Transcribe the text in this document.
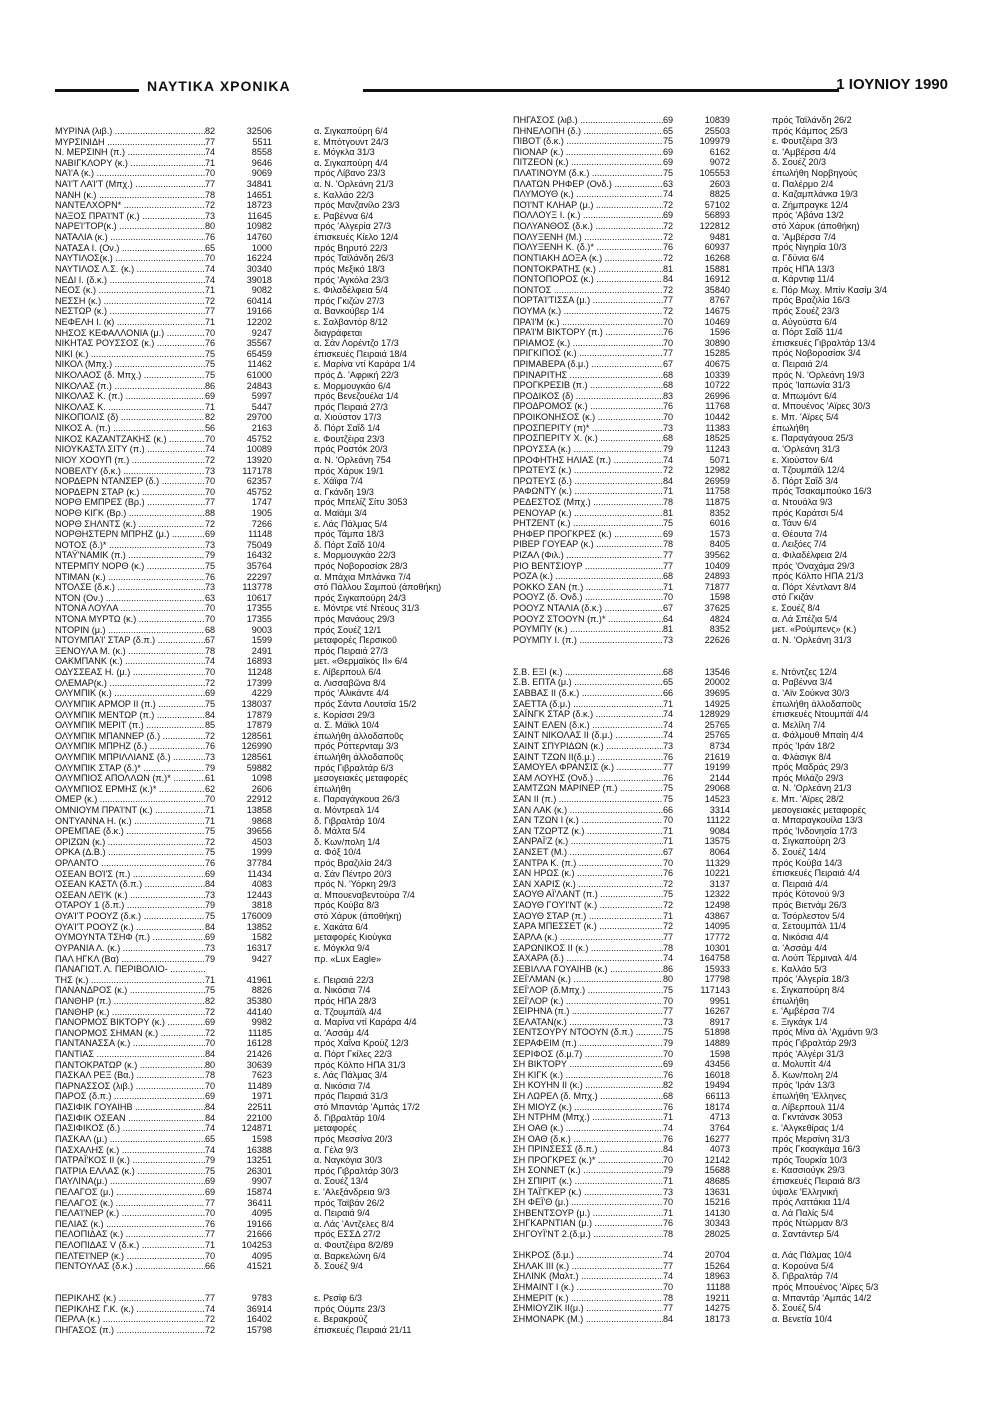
ΝΑΥΤΙΚΑ ΧΡΟΝΙΚΑ	1 ΙΟΥΝΙΟΥ 1990
ΜΥΡΙΝΑ (λιβ.) .....	82	32506	α. Σιγκαπούρη 6/4
ΜΥΡΣΙΝΙΔΗ .....	77	5511	ε. Μπότγουντ 24/3
Ν. ΜΕΡΣΙΝΗ (π.) .....	74	8558	ε. Μόγκλα 31/3
ΝΑΒΙΓΚΛΟΡΥ (κ.) .....	71	9646	α. Σιγκαπούρη 4/4
ΝΑΊ'Α (κ.) .....	70	9069	πρός Λίβανο 23/3
ΝΑΊ'Τ ΛΑΊ'Τ (Μπχ.) .....	77	34841	α. Ν. 'Ορλεάνη 21/3
ΝΑΝΗ (κ.) .....	78	14651	ε. Καλλάο 22/3
ΝΑΝΤΕΛΧΟΡΝ* .....	72	18723	πρός Μανζανίλο 23/3
ΝΑΞΟΣ ΠΡΑΊ'ΝΤ (κ.) .....	73	11645	ε. Ραβέννα 6/4
ΝΑΡΕΊ'ΤΟΡ(κ.) .....	80	10982	πρός 'Αλγερία 27/3
ΝΑΤΑΛΙΑ (κ.) .....	76	14760	έπισκευές Κίελο 12/4
ΝΑΤΑΣΑ Ι. (Ον.) .....	65	1000	πρός Βηρυτό 22/3
ΝΑΥΤΙΛΟΣ(κ.) .....	70	16224	πρός Ταϊλάνδη 26/3
ΝΑΥΤΙΛΟΣ Λ.Σ. (κ.) .....	74	30340	πρός Μεξικό 18/3
ΝΕΔΙ Ι. (δ.κ.) .....	74	39018	πρός 'Αγκόλα 23/3
ΝΕΟΣ (κ.) .....	71	9082	ε. Φιλαδέλφεια 5/4
ΝΕΣΣΗ (κ.) .....	72	60414	πρός Γκιζών 27/3
ΝΕΣΤΩΡ (κ.) .....	77	19166	α. Βανκούβερ 1/4
ΝΕΦΕΛΗ Ι. (κ) .....	71	12202	ε. Σαλβαντόρ 8/12
ΝΗΣΟΣ ΚΕΦΑΛΛΟΝΙΑ (μ.) .....	70	9247	διαγράφεται
ΝΙΚΗΤΑΣ ΡΟΥΣΣΟΣ (κ.) .....	76	35567	α. Σάν Λορέντζο 17/3
ΝΙΚΙ (κ.) .....	75	65459	έπισκευές Πειραιά 18/4
ΝΙΚΟΛ (Μπχ.) .....	75	11462	ε. Μαρίνα ντί Καράρα 1/4
ΝΙΚΟΛΑΟΣ (δ. Μπχ.) .....	75	61000	πρός Δ. 'Αφρική 22/3
ΝΙΚΟΛΑΣ (π.) .....	86	24843	ε. Μορμουγκάο 6/4
ΝΙΚΟΛΑΣ Κ. (π.) .....	69	5997	πρός Βενεζουέλα 1/4
ΝΙΚΟΛΑΣ Κ. .....	71	5447	πρός Πειραιά 27/3
ΝΙΚΟΠΟΛΙΣ (δ) .....	82	29700	α. Χιούστον 17/3
ΝΙΚΟΣ Α. (π.) .....	56	2163	δ. Πόρτ Σαΐδ 1/4
ΝΙΚΟΣ ΚΑΖΑΝΤΖΑΚΗΣ (κ.) .....	70	45752	ε. Φουτζέιρα 23/3
ΝΙΟΥΚΑΣΤΛ ΣΙΤΥ (π.) .....	74	10089	πρός Ροστόκ 20/3
ΝΙΟΥ ΧΟΟΥΠ (π.) .....	72	13920	α. Ν. 'Ορλεάνη 754
ΝΟΒΕΛΤΥ (δ.κ.) .....	73	117178	πρός Χάρυκ 19/1
ΝΟΡΔΕΡΝ ΝΤΑΝΣΕΡ (δ.) .....	70	62357	ε. Χάϊφα 7/4
ΝΟΡΔΕΡΝ ΣΤΑΡ (κ.) .....	70	45752	α. Γκάνδη 19/3
ΝΟΡΘ ΕΜΠΡΕΣ (Βρ.) .....	77	1747	πρός Μπελίζ Σίτυ 3053
ΝΟΡΘ ΚΙΓΚ (Βρ.) .....	88	1905	α. Μαϊάμι 3/4
ΝΟΡΘ ΣΗΛΝΤΣ (κ.) .....	72	7266	ε. Λάς Πάλμας 5/4
ΝΟΡΘΗΣΤΕΡΝ ΜΠΡΗΖ (μ.) .....	69	11148	πρός Τάμπα 18/3
ΝΟΤΟΣ (δ.)* .....	73	75049	δ. Πόρτ Σαΐδ 10/4
ΝΤΑΫ'ΝΑΜΙΚ (π.) .....	79	16432	ε. Μορμουγκάο 22/3
ΝΤΕΡΜΠΥ ΝΟΡΘ (κ.) .....	75	35764	πρός Νοβοροσίσκ 28/3
ΝΤΙΜΑΝ (κ.) .....	76	22297	α. Μπάχια Μπλάνκα 7/4
ΝΤΟΛΣΕ (δ.κ.) .....	73	113778	στό Πάλλου Σαμπού (άποθήκη)
ΝΤΟΝ (Ον.) .....	63	10617	πρός Σιγκαπούρη 24/3
ΝΤΟΝΑ ΛΟΥΛΑ .....	70	17355	ε. Μόντρε ντέ Ντέους 31/3
ΝΤΟΝΑ ΜΥΡΤΩ (κ.) .....	70	17355	πρός Μανάους 29/3
ΝΤΟΡΙΝ (μ.) .....	68	9003	πρός Σουέζ 12/1
ΝΤΟΥΜΠΑΊ' ΣΤΑΡ (δ.π.) .....	67	1599	μεταφορές Περσικοῦ
ΞΕΝΟΥΛΑ Μ. (κ.) .....	78	2491	πρός Πειραιά 27/3
ΟΑΚΜΠΑΝΚ (κ.) .....	74	16893	μετ. «Θερμαϊκός ΙΙ» 6/4
ΟΔΥΣΣΕΑΣ Η. (μ.) .....	70	11248	ε. Λίβερπουλ 6/4
ΟΛΕΜΑΡ(κ.) .....	72	17399	α. Λισσαβῶνα 8/4
ΟΛΥΜΠΙΚ (κ.) .....	69	4229	πρός 'Αλικάντε 4/4
ΟΛΥΜΠΙΚ ΑΡΜΟΡ ΙΙ (π.) .....	75	138037	πρός Σάντα Λουτσία 15/2
ΟΛΥΜΠΙΚ ΜΕΝΤΩΡ (π.) .....	84	17879	ε. Κορίσσι 29/3
ΟΛΥΜΠΙΚ ΜΕΡΙΤ (π.) .....	85	17879	α. Σ. Μάϊκλ 10/4
ΟΛΥΜΠΙΚ ΜΠΑΝΝΕΡ (δ.) .....	72	128561	έπωλήθη άλλοδαποῦς
ΟΛΥΜΠΙΚ ΜΠΡΗΖ (δ.) .....	76	126990	πρός Ρόττερνταμ 3/3
ΟΛΥΜΠΙΚ ΜΠΡΙΛΛΙΑΝΣ (δ.) .....	73	128561	έπωλήθη άλλοδαποῦς
ΟΛΥΜΠΙΚ ΣΤΑΡ (δ.)* .....	79	59882	πρός Γιβραλτάρ 6/3
ΟΛΥΜΠΙΟΣ ΑΠΟΛΛΩΝ (π.)* .....	61	1098	μεσογειακές μεταφορές
ΟΛΥΜΠΙΟΣ ΕΡΜΗΣ (κ.)* .....	62	2606	έπωλήθη
ΟΜΕΡ (κ.) .....	70	22912	ε. Παραγάγκουα 26/3
ΟΜΝΙΟΥΜ ΠΡΑΊ'ΝΤ (κ.) .....	71	13858	α. Μόντρεαλ 1/4
ΟΝΤΥΑΝΝΑ Η. (κ.) .....	71	9868	δ. Γιβραλτάρ 10/4
ΟΡΕΜΠΑΕ (δ.κ.) .....	75	39656	δ. Μάλτα 5/4
ΟΡΙΖΩΝ (κ.) .....	72	4503	δ. Κων/πολη 1/4
ΟΡΚΑ (Δ.Β.) .....	75	1999	α. Φόξ 10/4
ΟΡΛΑΝΤΟ .....	76	37784	πρός Βραζιλία 24/3
ΟΣΕΑΝ ΒΟΊ'Σ (π.) .....	69	11434	α. Σάν Πέντρο 20/3
ΟΣΕΑΝ ΚΑΣΤΛ (δ.π.) .....	84	4083	πρός Ν. 'Υόρκη 29/3
ΟΣΕΑΝ ΛΕΊ'Κ (κ.) .....	73	12443	α. Μπουεναβεντούρα 7/4
ΟΤΑΡΟΥ 1 (δ.π.) .....	79	3818	πρός Κούβα 8/3
ΟΥΑΊ'Τ ΡΟΟΥΖ (δ.κ.) .....	75	176009	στό Χάρυκ (άποθήκη)
ΟΥΑΊ'Τ ΡΟΟΥΖ (κ.) .....	84	13852	ε. Χακάτα 6/4
ΟΥΜΟΥΝΤΑ ΤΣΗΦ (π.) .....	69	1582	μεταφορές Κιούγκα
ΟΥΡΑΝΙΑ Λ. (κ.) .....	73	16317	ε. Μόγκλα 9/4
ΠΑΛ ΗΓΚΛ (Βα) .....	79	9427	πρ. «Lux Eagle»
ΠΑΝΑΓΙΩΤ. Λ. ΠΕΡΙΒΟΛΙΟ- .....
ΤΗΣ (κ.) .....	71	41961	ε. Πειραιά 22/3
ΠΑΝΑΝΔΡΟΣ (κ.) .....	75	8826	α. Νικόσια 7/4
ΠΑΝΘΗΡ (π.) .....	82	35380	πρός ΗΠΑ 28/3
ΠΑΝΘΗΡ (κ.) .....	72	44140	α. Τζουμπάϊλ 4/4
ΠΑΝΟΡΜΟΣ ΒΙΚΤΟΡΥ (κ.) .....	69	9982	α. Μαρίνα ντί Καράρα 4/4
ΠΑΝΟΡΜΟΣ ΣΗΜΑΝ (κ.) .....	72	11185	α. 'Ασσάμ 4/4
ΠΑΝΤΑΝΑΣΣΑ (κ.) .....	70	16128	πρός Χαΐνα Κρούζ 12/3
ΠΑΝΤΙΑΣ .....	84	21426	α. Πόρτ Γκίλες 22/3
ΠΑΝΤΟΚΡΑΤΩΡ (κ.) .....	80	30639	πρός Κόλπο ΗΠΑ 31/3
ΠΑΣΚΑΛ ΡΕΞ (Βα.) .....	78	7623	ε. Λάς Πάλμας 3/4
ΠΑΡΝΑΣΣΟΣ (λιβ.) .....	70	11489	α. Νικόσια 7/4
ΠΑΡΟΣ (δ.π.) .....	69	1971	πρός Πειραιά 31/3
ΠΑΣΙΦΙΚ ΓΟΥΑΙΗΒ .....	84	22511	στό Μπαντάρ 'Αμπάς 17/2
ΠΑΣΙΦΙΚ ΟΣΕΑΝ .....	84	22100	δ. Γιβραλτάρ 10/4
ΠΑΣΙΦΙΚΟΣ (δ.) .....	74	124871	μεταφορές
ΠΑΣΚΑΛ (μ.) .....	65	1598	πρός Μεσσίνα 20/3
ΠΑΣΧΑΛΗΣ (κ.) .....	74	16388	α. Γέλα 9/3
ΠΑΤΡΑΪ'ΚΟΣ ΙΙ (κ.) .....	79	13251	α. Ναγκόγια 30/3
ΠΑΤΡΙΑ ΕΛΛΑΣ (κ.) .....	75	26301	πρός Γιβραλτάρ 30/3
ΠΑΥΛΙΝΑ(μ.) .....	69	9907	α. Σουέζ 13/4
ΠΕΛΑΓΟΣ (μ.) .....	69	15874	ε. 'Αλεξάνδρεια 9/3
ΠΕΛΑΓΟΣ (κ.) .....	77	36411	πρός Ταϊβάν 26/2
ΠΕΛΑΊ'ΝΕΡ (κ.) .....	70	4095	α. Πειραιά 9/4
ΠΕΛΙΑΣ (κ.) .....	76	19166	α. Λάς 'Αντζελες 8/4
ΠΕΛΟΠΙΔΑΣ (κ.) .....	77	21666	πρός ΕΣΣΔ 27/2
ΠΕΛΟΠΙΔΑΣ V (δ.κ.) .....	71	104253	α. Φουτζέιρα 8/2/89
ΠΕΛΤΕΊ'ΝΕΡ (κ.) .....	70	4095	α. Βαρκελώνη 6/4
ΠΕΝΤΟΥΛΑΣ (δ.κ.) .....	66	41521	δ. Σουέζ 9/4
ΠΕΡΙΚΛΗΣ (κ.) .....	77	9783	ε. Ρεσίφ 6/3
ΠΕΡΙΚΛΗΣ Γ.Κ. (κ.) .....	74	36914	πρός Ούμπε 23/3
ΠΕΡΛΑ (κ.) .....	72	16402	ε. Βερακρούζ
ΠΗΓΑΣΟΣ (π.) .....	72	15798	έπισκευές Πειραιά 21/11
ΠΗΓΑΣΟΣ (λιβ.) .....	69	10839	πρός Ταϊλάνδη 26/2
ΠΗΝΕΛΟΠΗ (δ.) .....	65	25503	πρός Κάμπος 25/3
ΠΙΒΟΤ (δ.κ.) .....	75	109979	ε. Φουτζέιρα 3/3
ΠΙΟΝΑΡ (κ.) .....	69	6162	α. 'Αμβέρσα 4/4
ΠΙΤΖΕΟΝ (κ.) .....	69	9072	δ. Σουέζ 20/3
ΠΛΑΤΙΝΟΥΜ (δ.κ.) .....	75	105553	έπωλήθη Νορβηγούς
ΠΛΑΤΩΝ ΡΗΦΕΡ (Ονδ.) .....	63	2603	α. Παλέρμο 2/4
ΠΛΥΜΟΥΘ (κ.) .....	74	8825	α. Καζαμπλάνκα 19/3
ΠΟΊ'ΝΤ ΚΛΗΑΡ (μ.) .....	72	57102	α. Ζήμπραγκε 12/4
ΠΟΛΛΟΥΞ Ι. (κ.) .....	69	56893	πρός 'Αβάνα 13/2
ΠΟΛΥΑΝΘΟΣ (δ.κ.) .....	72	122812	στό Χάρυκ (άποθήκη)
ΠΟΛΥΞΕΝΗ (Μ.) .....	72	9481	α. 'Αμβέρσα 7/4
ΠΟΛΥΞΕΝΗ Κ. (δ.)* .....	76	60937	πρός Νιγηρία 10/3
ΠΟΝΤΙΑΚΗ ΔΟΞΑ (κ.) .....	72	16268	α. Γδύνια 6/4
ΠΟΝΤΟΚΡΑΤΗΣ (κ.) .....	81	15881	πρός ΗΠΑ 13/3
ΠΟΝΤΟΠΟΡΟΣ (κ.) .....	84	16912	α. Κάρντιφ 11/4
ΠΟΝΤΟΣ .....	72	35840	ε. Πόρ Μωχ. Μπίν Κασίμ 3/4
ΠΟΡΤΑΊ'ΤΙΣΣΑ (μ.) .....	77	8767	πρός Βραζιλία 16/3
ΠΟΥΜΑ (κ.) .....	72	14675	πρός Σουέζ 23/3
ΠΡΑΊ'Μ (κ.) .....	70	10469	α. Αὐγούστα 6/4
ΠΡΑΊ'Μ ΒΙΚΤΟΡΥ (π.) .....	76	1596	α. Πόρτ Σαΐδ 11/4
ΠΡΙΑΜΟΣ (κ.) .....	70	30890	έπισκευές Γιβραλτάρ 13/4
ΠΡΙΓΚΙΠΟΣ (κ.) .....	77	15285	πρός Νοβοροσίσκ 3/4
ΠΡΙΜΑΒΕΡΑ (δ.μ.) .....	67	40675	α. Πειραιά 2/4
ΠΡΙΝΑΡΙΤΗΣ .....	68	10339	πρός Ν. 'Ορλεάνη 19/3
ΠΡΟΓΚΡΕΣΙΒ (π.) .....	68	10722	πρός 'Ιαπωνία 31/3
ΠΡΟΔΙΚΟΣ (δ) .....	83	26996	α. Μπωμόντ 6/4
ΠΡΟΔΡΟΜΟΣ (κ.) .....	76	11768	α. Μπουένος 'Αϊρες 30/3
ΠΡΟΙΚΟΝΗΣΟΣ (κ.) .....	70	10442	ε. Μπ. 'Αϊρες 5/4
ΠΡΟΣΠΕΡΙΤΥ (π)* .....	73	11383	έπωλήθη
ΠΡΟΣΠΕΡΙΤΥ Χ. (κ.) .....	68	18525	ε. Παραγάγουα 25/3
ΠΡΟΥΣΣΑ (κ.) .....	79	11243	α. 'Ορλεάνη 31/3
ΠΡΟΦΗΤΗΣ ΗΛΙΑΣ (π.) .....	74	5071	ε. Χιούστον 6/4
ΠΡΩΤΕΥΣ (κ.) .....	72	12982	α. Τζουμπάϊλ 12/4
ΠΡΩΤΕΥΣ (δ.) .....	84	26959	δ. Πόρτ Σαΐδ 3/4
ΡΑΦΩΝΤΥ (κ.) .....	71	11758	πρός Τσακαμπούκο 16/3
ΡΕΔΕΣΤΟΣ (Μπχ.) .....	78	11875	α. Ντουάλα 9/3
ΡΕΝΟΥΑΡ (κ.) .....	81	8352	πρός Καράτσι 5/4
ΡΗΤΖΕΝΤ (κ.) .....	75	6016	α. Τάυν 6/4
ΡΗΦΕΡ ΠΡΟΓΚΡΕΣ (κ.) .....	69	1573	α. Θέουτα 7/4
ΡΙΒΕΡ ΓΟΥΕΑΡ (κ.) .....	78	8405	α. Λειξόες 7/4
ΡΙΖΑΛ (Φιλ.) .....	77	39562	α. Φιλαδέλφεια 2/4
ΡΙΟ ΒΕΝΤΣΙΟΥΡ .....	77	10409	πρός 'Οναχάμα 29/3
ΡΟΖΑ (κ.) .....	68	24893	πρός Κόλπο ΗΠΑ 21/3
ΡΟΚΚΟ ΣΑΝ (π.) .....	71	71877	α. Πόρτ Χέντλαντ 8/4
ΡΟΟΥΖ (δ. Ονδ.) .....	70	1598	στό Γκιζάν
ΡΟΟΥΖ ΝΤΑΛΙΑ (δ.κ.) .....	67	37625	ε. Σουέζ 8/4
ΡΟΟΥΖ ΣΤΟΟΥΝ (π.)* .....	64	4824	α. Λά Σπέζια 5/4
ΡΟΥΜΠΥ (κ.) .....	81	8352	μετ. «Ρούμπενς» (κ.)
ΡΟΥΜΠΥ Ι. (π.) .....	73	22626	α. Ν. 'Ορλεάνη 31/3
Σ.Β. ΕΞΙ (κ.) .....	68	13546	ε. Ντόντζες 12/4
Σ.Β. ΕΠΤΑ (μ.) .....	65	20002	α. Ραβέννα 3/4
ΣΑΒΒΑΣ ΙΙ (δ.κ.) .....	66	39695	α. 'Αϊν Σούκνα 30/3
ΣΑΕΤΤΑ (δ.μ.) .....	71	14925	έπωλήθη άλλοδαποῦς
ΣΑΪΝΓΚ ΣΤΑΡ (δ.κ.) .....	74	128929	έπισκευές Ντουμπάϊ 4/4
ΣΑΙΝΤ ΕΛΕΝ (δ.κ.) .....	74	25765	α. Μελίλη 7/4
ΣΑΙΝΤ ΝΙΚΟΛΑΣ ΙΙ (δ.μ.) .....	74	25765	α. Φάλμουθ Μπαίη 4/4
ΣΑΙΝΤ ΣΠΥΡΙΔΩΝ (κ.) .....	73	8734	πρός 'Ιράν 18/2
ΣΑΙΝΤ ΤΖΩΝ ΙΙ(δ.μ.) .....	76	21619	α. Φλάσιγκ 8/4
ΣΑΜΟΥΕΛ ΦΡΑΝΣΙΣ (κ.) .....	77	19199	πρός Μαδράς 29/3
ΣΑΜ ΛΟΥΗΣ (Ονδ.) .....	76	2144	πρός Μιλάζο 29/3
ΣΑΜΤΖΩΝ ΜΑΡΙΝΕΡ (π.) .....	75	29068	α. Ν. 'Ορλεάνη 21/3
ΣΑΝ ΙΙ (π.) .....	75	14523	ε. Μπ. 'Αϊρες 28/2
ΣΑΝ ΛΑΚ (κ.) .....	66	3314	μεσογειακές μεταφορές
ΣΑΝ ΤΖΩΝ Ι (κ.) .....	70	11122	α. Μπαραγκουίλα 13/3
ΣΑΝ ΤΖΩΡΤΖ (κ.) .....	71	9084	πρός 'Ινδονησία 17/3
ΣΑΝΡΑΪ'Ζ (κ.) .....	71	13575	α. Σιγκαπούρη 2/3
ΣΑΝΣΕΤ (Μ.) .....	67	8064	δ. Σουέζ 14/4
ΣΑΝΤΡΑ Κ. (π.) .....	70	11329	πρός Κούβα 14/3
ΣΑΝ ΗΡΩΣ (κ.) .....	76	10221	έπισκευές Πειραιά 4/4
ΣΑΝ ΧΑΡΙΣ (κ.) .....	72	3137	α. Πειραιά 4/4
ΣΑΟΥΘ ΑΪ'ΛΑΝΤ (π.) .....	75	12322	πρός Κότονού 9/3
ΣΑΟΥΘ ΓΟΥΊ'ΝΤ (κ.) .....	72	12498	πρός Βιετνάμ 26/3
ΣΑΟΥΘ ΣΤΑΡ (π.) .....	71	43867	α. Τσόρλεστον 5/4
ΣΑΡΑ ΜΠΕΣΣΕΤ (κ.) .....	72	14095	α. Σετουμπάλ 11/4
ΣΑΡΛΑ (κ.) .....	77	17772	α. Νικόσια 4/4
ΣΑΡΩΝΙΚΟΣ ΙΙ (κ.) .....	78	10301	α. 'Ασσάμ 4/4
ΣΑΧΑΡΑ (δ.) .....	74	164758	α. Λούπ Τέρμιναλ 4/4
ΣΕΒΙΛΛΑ ΓΟΥΑΙΗΒ (κ.) .....	86	15933	ε. Καλλάο 5/3
ΣΕΪ'ΛΜΑΝ (κ.) .....	80	17798	πρός 'Αλγερία 18/3
ΣΕΪ'ΛΟΡ (δ.Μπχ.) .....	75	117143	ε. Σιγκαπούρη 8/4
ΣΕΪ'ΛΟΡ (κ.) .....	70	9951	έπωλήθη
ΣΕΙΡΗΝΑ (π.) .....	77	16267	ε. 'Αμβέρσα 7/4
ΣΕΛΑΤΑΝ(κ.) .....	73	8917	ε. Ξιγκάγκ 1/4
ΣΕΝΤΣΟΥΡΥ ΝΤΟΟΥΝ (δ.π.) .....	75	51898	πρός Μίνα άλ 'Αχμάντι 9/3
ΣΕΡΑΦΕΙΜ (π.) .....	79	14889	πρός Γιβραλτάρ 29/3
ΣΕΡΙΦΟΣ (δ.μ.7) .....	70	1598	πρός 'Αλγέρι 31/3
ΣΗ ΒΙΚΤΟΡΥ .....	69	43456	α. Μολυπίτ 4/4
ΣΗ ΚΙΓΚ (κ.) .....	76	16018	δ. Κων/πολη 2/4
ΣΗ ΚΟΥΗΝ ΙΙ (κ.) .....	82	19494	πρός 'Ιράν 13/3
ΣΗ ΛΩΡΕΛ (δ. Μπχ.) .....	68	66113	έπωλήθη 'Ελληνες
ΣΗ ΜΙΟΥΖ (κ.) .....	76	18174	α. Λίβερπουλ 11/4
ΣΗ ΝΤΡΗΜ (Μπχ.) .....	71	4713	α. Γκντάνσκ 3053
ΣΗ ΟΑΘ (κ.) .....	74	3764	ε. 'Αλγκεθίρας 1/4
ΣΗ ΟΑΘ (δ.κ.) .....	76	16277	πρός Μερσίνη 31/3
ΣΗ ΠΡΙΝΣΕΣΣ (δ.π.) .....	84	4073	πρός Γκοαγκάμα 16/3
ΣΗ ΠΡΟΓΚΡΕΣ (κ.)* .....	70	12142	πρός Τουρκία 10/3
ΣΗ ΣΟΝΝΕΤ (κ.) .....	79	15688	ε. Κασσιούγκ 29/3
ΣΗ ΣΠΙΡΙΤ (κ.) .....	71	48685	έπισκευές Πειραιά 8/3
ΣΗ ΤΑΪ'ΓΚΕΡ (κ.) .....	73	13631	ύψαλε 'Ελληνική
ΣΗ ΦΕΪ'Θ (μ.) .....	70	15216	πρός Λαττάκια 11/4
ΣΗΒΕΝΤΣΟΥΡ (μ.) .....	71	14130	α. Λά Παλίς 5/4
ΣΗΓΚΑΡΝΤΙΑΝ (μ.) .....	76	30343	πρός Ντώρμαν 8/3
ΣΗΓΟΥΪ'ΝΤ 2.(δ.μ.) .....	78	28025	α. Σαντάντερ 5/4
ΣΗΚΡΟΣ (δ.μ.) .....	74	20704	α. Λάς Πάλμας 10/4
ΣΗΛΑΚ ΙΙΙ (κ.) .....	77	15264	α. Κορούνα 5/4
ΣΗΛΙΝΚ (Μαλτ.) .....	74	18963	δ. Γιβραλτάρ 7/4
ΣΗΜΑΙΝΤ Ι (κ.) .....	70	11188	πρός Μπουένος 'Αϊρες 5/3
ΣΗΜΕΡΙΤ (κ.) .....	78	19211	α. Μπαντάρ 'Αμπάς 14/2
ΣΗΜΙΟΥΖΙΚ ΙΙ(μ.) .....	77	14275	δ. Σουέζ 5/4
ΣΗΜΟΝΑΡΚ (Μ.) .....	84	18173	α. Βενετία 10/4
